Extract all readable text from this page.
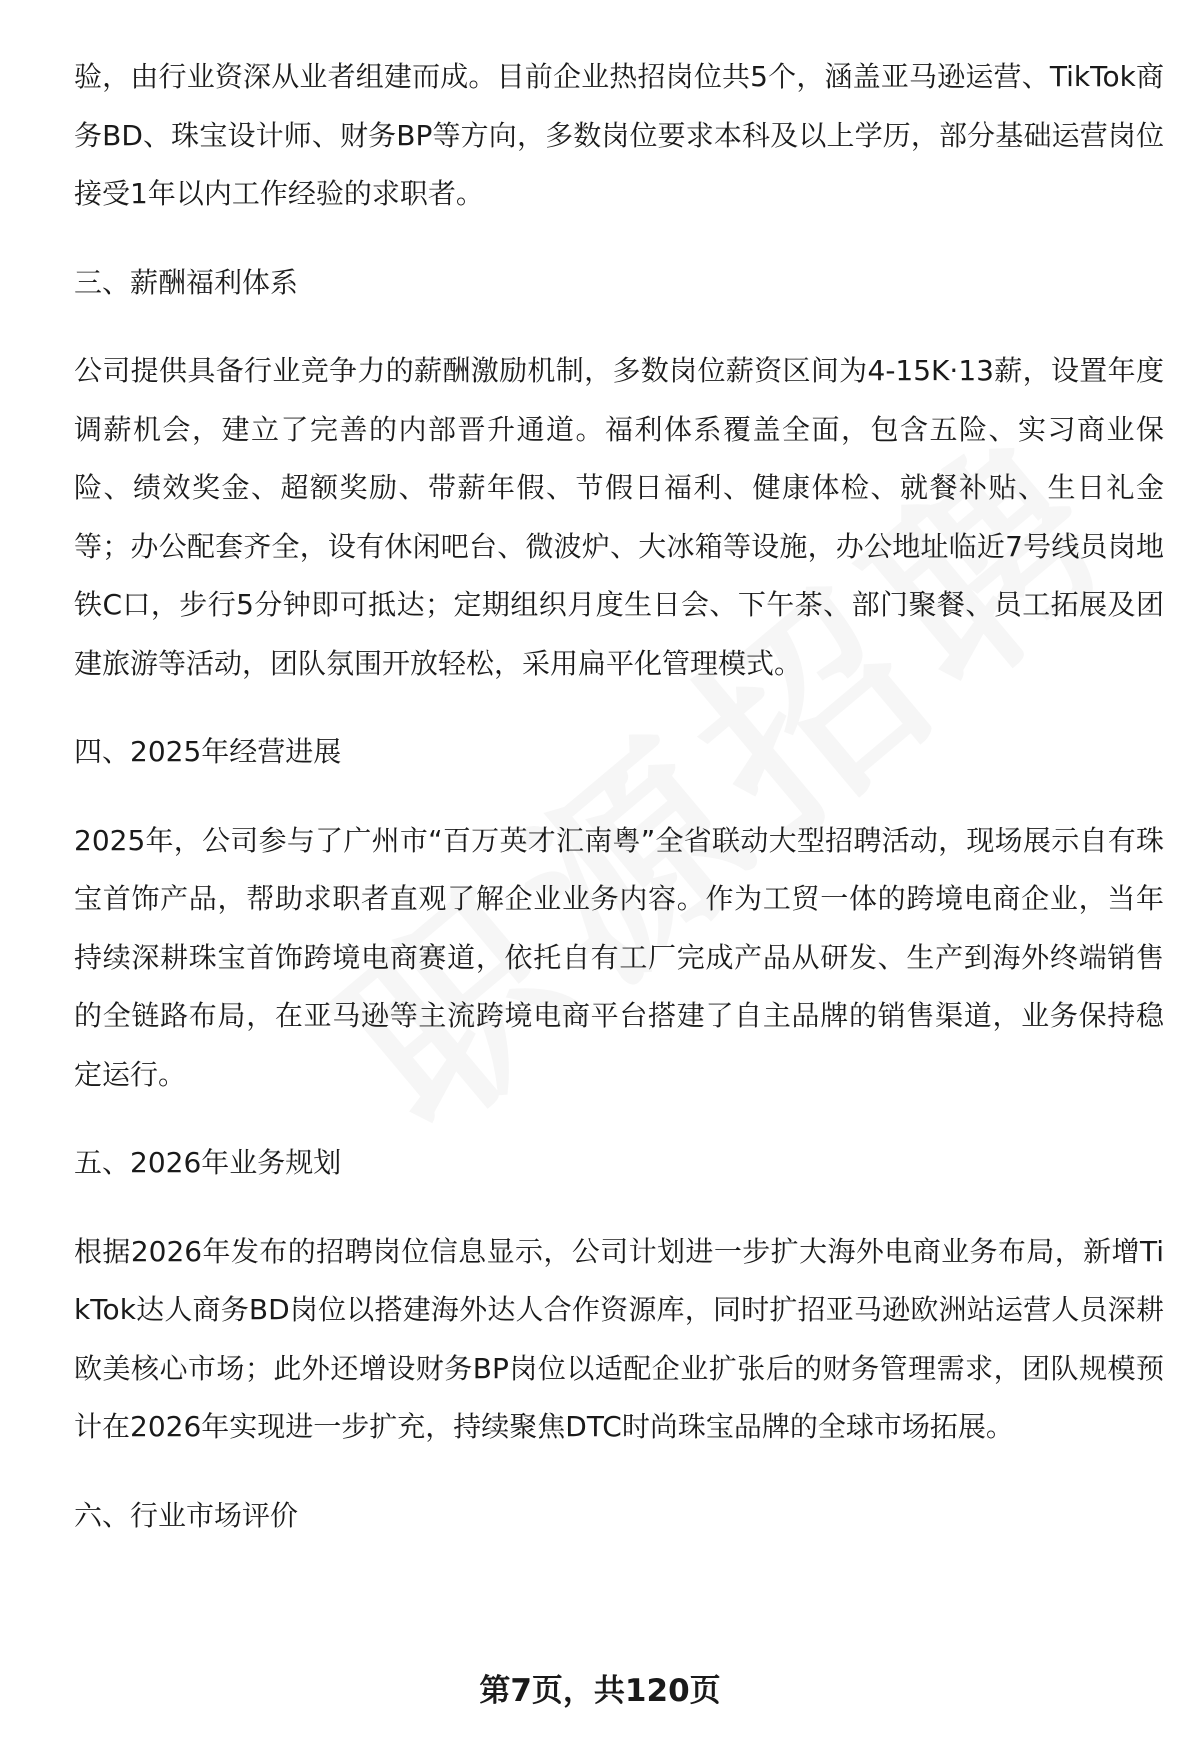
验，由行业资深从业者组建而成。目前企业热招岗位共5个，涵盖亚马逊运营、TikTok商务BD、珠宝设计师、财务BP等方向，多数岗位要求本科及以上学历，部分基础运营岗位接受1年以内工作经验的求职者。

三、薪酬福利体系

公司提供具备行业竞争力的薪酬激励机制，多数岗位薪资区间为4-15K·13薪，设置年度调薪机会，建立了完善的内部晋升通道。福利体系覆盖全面，包含五险、实习商业保险、绩效奖金、超额奖励、带薪年假、节假日福利、健康体检、就餐补贴、生日礼金等；办公配套齐全，设有休闲吧台、微波炉、大冰箱等设施，办公地址临近7号线员岗地铁C口，步行5分钟即可抵达；定期组织月度生日会、下午茶、部门聚餐、员工拓展及团建旅游等活动，团队氛围开放轻松，采用扁平化管理模式。

四、2025年经营进展

2025年，公司参与了广州市“百万英才汇南粤”全省联动大型招聘活动，现场展示自有珠宝首饰产品，帮助求职者直观了解企业业务内容。作为工贸一体的跨境电商企业，当年持续深耕珠宝首饰跨境电商赛道，依托自有工厂完成产品从研发、生产到海外终端销售的全链路布局，在亚马逊等主流跨境电商平台搭建了自主品牌的销售渠道，业务保持稳定运行。

五、2026年业务规划

根据2026年发布的招聘岗位信息显示，公司计划进一步扩大海外电商业务布局，新增TikTok达人商务BD岗位以搭建海外达人合作资源库，同时扩招亚马逊欧洲站运营人员深耕欧美核心市场；此外还增设财务BP岗位以适配企业扩张后的财务管理需求，团队规模预计在2026年实现进一步扩充，持续聚焦DTC时尚珠宝品牌的全球市场拓展。

六、行业市场评价
第7页，共120页
